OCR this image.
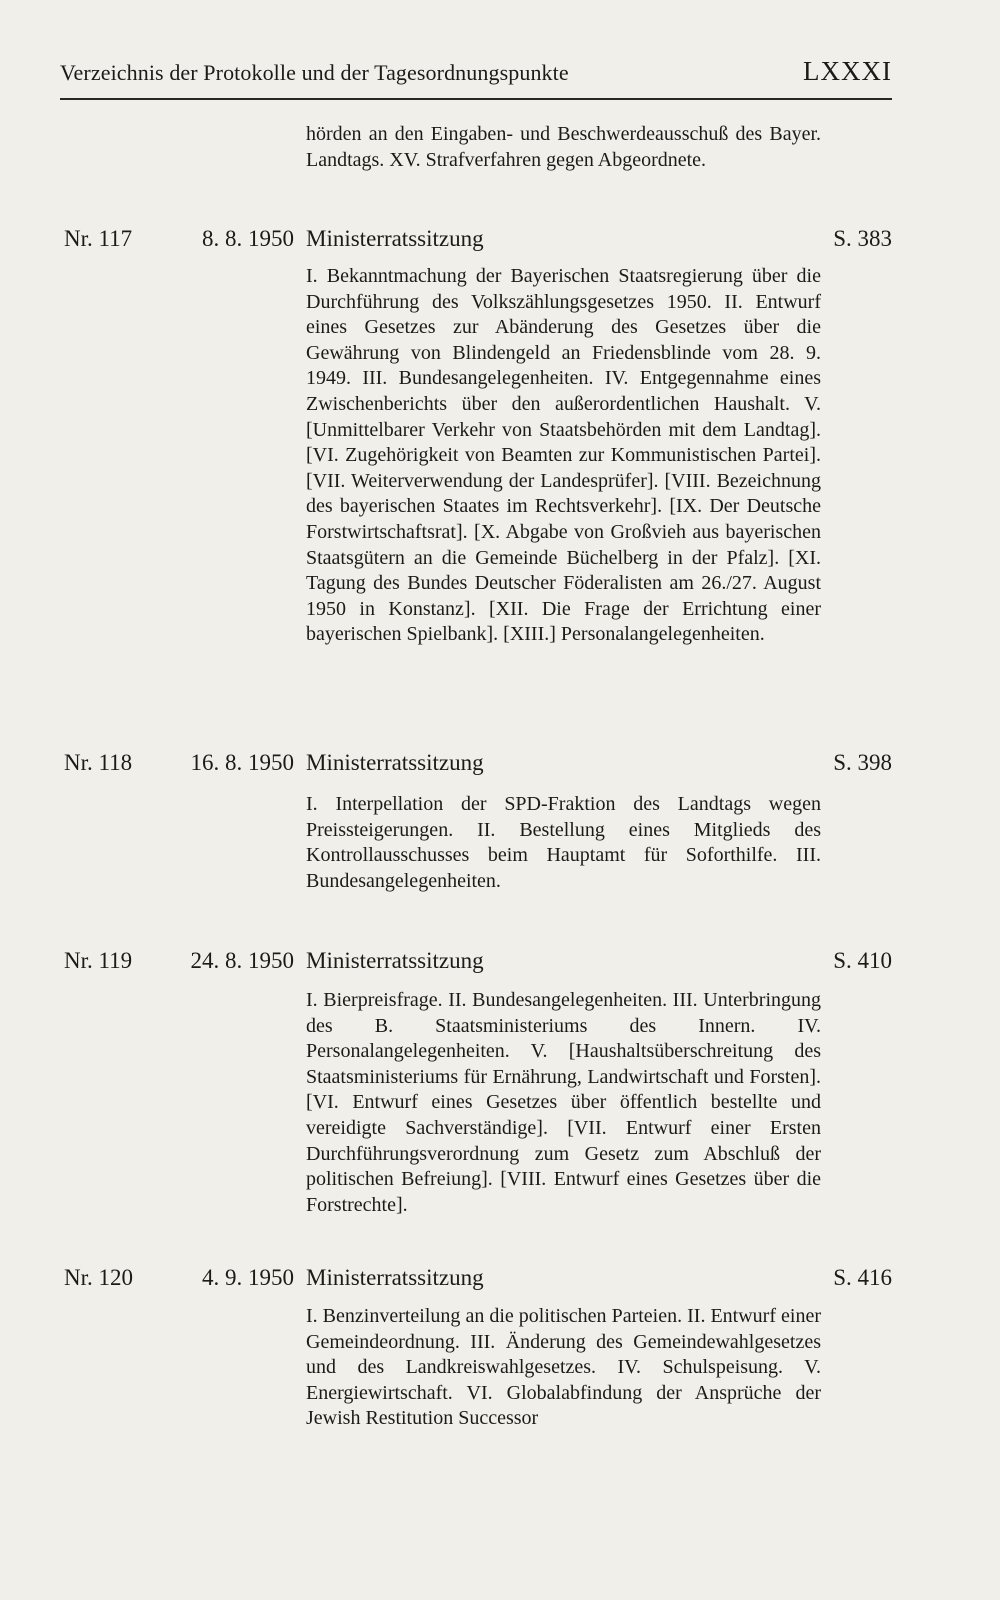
Verzeichnis der Protokolle und der Tagesordnungspunkte	LXXXI
hörden an den Eingaben- und Beschwerdeausschuß des Bayer. Landtags. XV. Strafverfahren gegen Abgeordnete.
Nr. 117	8. 8. 1950 Ministerratssitzung	S. 383
I. Bekanntmachung der Bayerischen Staatsregierung über die Durchführung des Volkszählungsgesetzes 1950. II. Entwurf eines Gesetzes zur Abänderung des Gesetzes über die Gewährung von Blindengeld an Friedensblinde vom 28. 9. 1949. III. Bundesangelegenheiten. IV. Entgegennahme eines Zwischenberichts über den außerordentlichen Haushalt. V. [Unmittelbarer Verkehr von Staatsbehörden mit dem Landtag]. [VI. Zugehörigkeit von Beamten zur Kommunistischen Partei]. [VII. Weiterverwendung der Landesprüfer]. [VIII. Bezeichnung des bayerischen Staates im Rechtsverkehr]. [IX. Der Deutsche Forstwirtschaftsrat]. [X. Abgabe von Großvieh aus bayerischen Staatsgütern an die Gemeinde Büchelberg in der Pfalz]. [XI. Tagung des Bundes Deutscher Föderalisten am 26./27. August 1950 in Konstanz]. [XII. Die Frage der Errichtung einer bayerischen Spielbank]. [XIII.] Personalangelegenheiten.
Nr. 118	16. 8. 1950 Ministerratssitzung	S. 398
I. Interpellation der SPD-Fraktion des Landtags wegen Preissteigerungen. II. Bestellung eines Mitglieds des Kontrollausschusses beim Hauptamt für Soforthilfe. III. Bundesangelegenheiten.
Nr. 119	24. 8. 1950 Ministerratssitzung	S. 410
I. Bierpreisfrage. II. Bundesangelegenheiten. III. Unterbringung des B. Staatsministeriums des Innern. IV. Personalangelegenheiten. V. [Haushaltsüberschreitung des Staatsministeriums für Ernährung, Landwirtschaft und Forsten]. [VI. Entwurf eines Gesetzes über öffentlich bestellte und vereidigte Sachverständige]. [VII. Entwurf einer Ersten Durchführungsverordnung zum Gesetz zum Abschluß der politischen Befreiung]. [VIII. Entwurf eines Gesetzes über die Forstrechte].
Nr. 120	4. 9. 1950 Ministerratssitzung	S. 416
I. Benzinverteilung an die politischen Parteien. II. Entwurf einer Gemeindeordnung. III. Änderung des Gemeindewahlgesetzes und des Landkreiswahlgesetzes. IV. Schulspeisung. V. Energiewirtschaft. VI. Globalabfindung der Ansprüche der Jewish Restitution Successor
